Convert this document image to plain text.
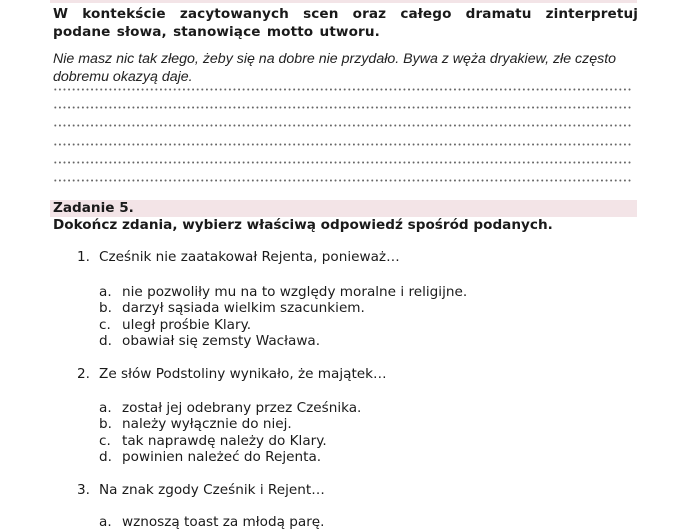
W kontekście zacytowanych scen oraz całego dramatu zinterpretuj podane słowa, stanowiące motto utworu.
Nie masz nic tak złego, żeby się na dobre nie przydało. Bywa z węża dryakiew, złe często dobremu okazyą daje.
Zadanie 5.
Dokończ zdania, wybierz właściwą odpowiedź spośród podanych.
1. Cześnik nie zaatakował Rejenta, ponieważ…
a. nie pozwoliły mu na to względy moralne i religijne.
b. darzył sąsiada wielkim szacunkiem.
c. uległ prośbie Klary.
d. obawiał się zemsty Wacława.
2. Ze słów Podstoliny wynikało, że majątek…
a. został jej odebrany przez Cześnika.
b. należy wyłącznie do niej.
c. tak naprawdę należy do Klary.
d. powinien należeć do Rejenta.
3. Na znak zgody Cześnik i Rejent…
a. wznoszą toast za młodą parę.
